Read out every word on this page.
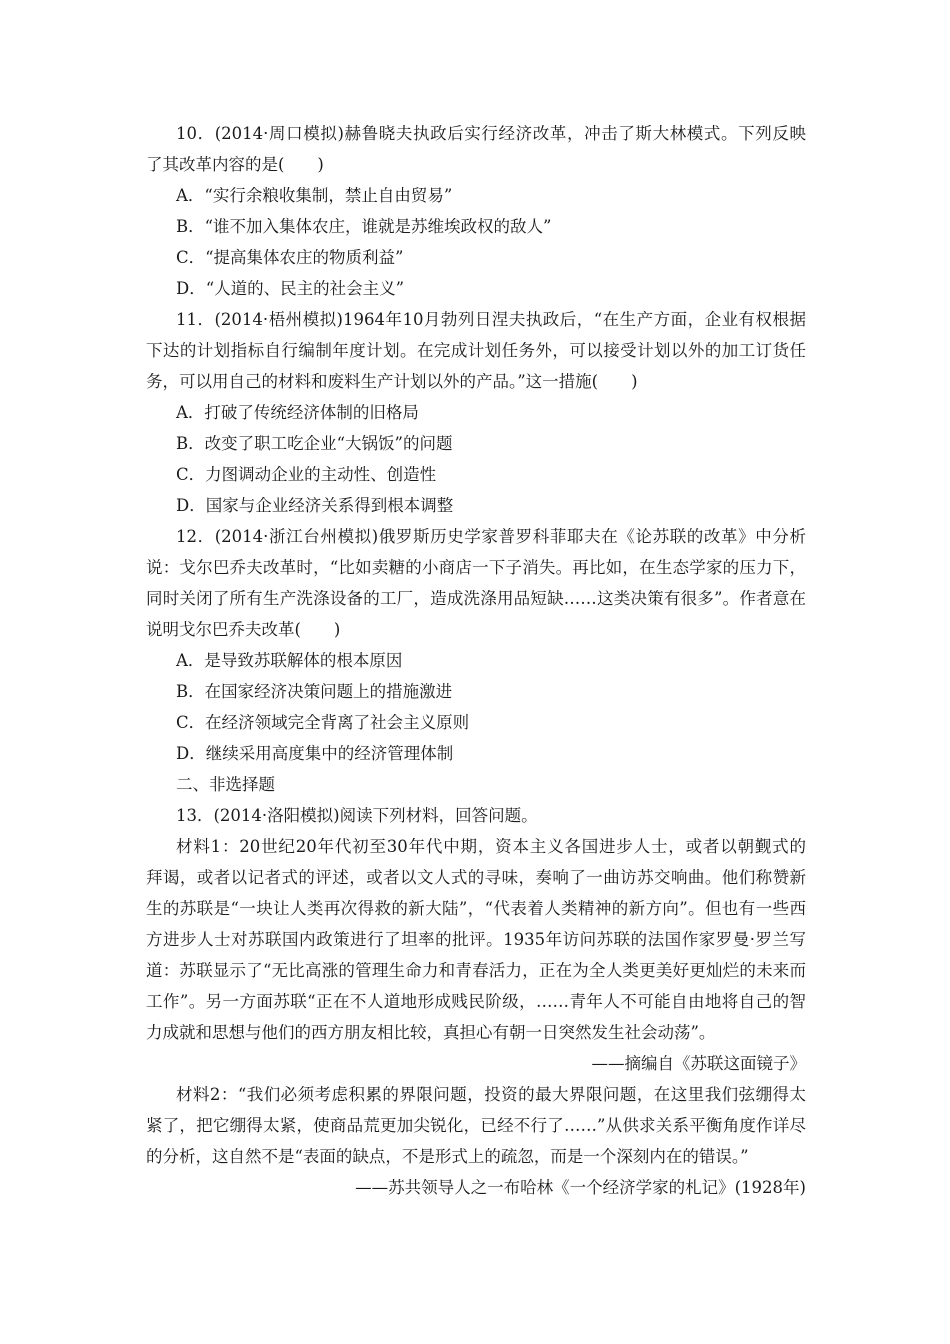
10．(2014·周口模拟)赫鲁晓夫执政后实行经济改革，冲击了斯大林模式。下列反映
了其改革内容的是(　　)
A．“实行余粮收集制，禁止自由贸易”
B．“谁不加入集体农庄，谁就是苏维埃政权的敌人”
C．“提高集体农庄的物质利益”
D．“人道的、民主的社会主义”
11．(2014·梧州模拟)1964年10月勃列日涅夫执政后，“在生产方面，企业有权根据
下达的计划指标自行编制年度计划。在完成计划任务外，可以接受计划以外的加工订货任
务，可以用自己的材料和废料生产计划以外的产品。”这一措施(　　)
A．打破了传统经济体制的旧格局
B．改变了职工吃企业“大锅饭”的问题
C．力图调动企业的主动性、创造性
D．国家与企业经济关系得到根本调整
12．(2014·浙江台州模拟)俄罗斯历史学家普罗科菲耶夫在《论苏联的改革》中分析
说：戈尔巴乔夫改革时，“比如卖糖的小商店一下子消失。再比如，在生态学家的压力下，
同时关闭了所有生产洗涤设备的工厂，造成洗涤用品短缺……这类决策有很多”。作者意在
说明戈尔巴乔夫改革(　　)
A．是导致苏联解体的根本原因
B．在国家经济决策问题上的措施激进
C．在经济领域完全背离了社会主义原则
D．继续采用高度集中的经济管理体制
二、非选择题
13．(2014·洛阳模拟)阅读下列材料，回答问题。
材料1：20世纪20年代初至30年代中期，资本主义各国进步人士，或者以朝觐式的
拜谒，或者以记者式的评述，或者以文人式的寻味，奏响了一曲访苏交响曲。他们称赞新
生的苏联是“一块让人类再次得救的新大陆”，“代表着人类精神的新方向”。但也有一些西
方进步人士对苏联国内政策进行了坦率的批评。1935年访问苏联的法国作家罗曼·罗兰写
道：苏联显示了“无比高涨的管理生命力和青春活力，正在为全人类更美好更灿烂的未来而
工作”。另一方面苏联“正在不人道地形成贱民阶级，……青年人不可能自由地将自己的智
力成就和思想与他们的西方朋友相比较，真担心有朝一日突然发生社会动荡”。
——摘编自《苏联这面镜子》
材料2：“我们必须考虑积累的界限问题，投资的最大界限问题，在这里我们弦绷得太
紧了，把它绷得太紧，使商品荒更加尖锐化，已经不行了……”从供求关系平衡角度作详尽
的分析，这自然不是“表面的缺点，不是形式上的疏忽，而是一个深刻内在的错误。”
——苏共领导人之一布哈林《一个经济学家的札记》(1928年)
